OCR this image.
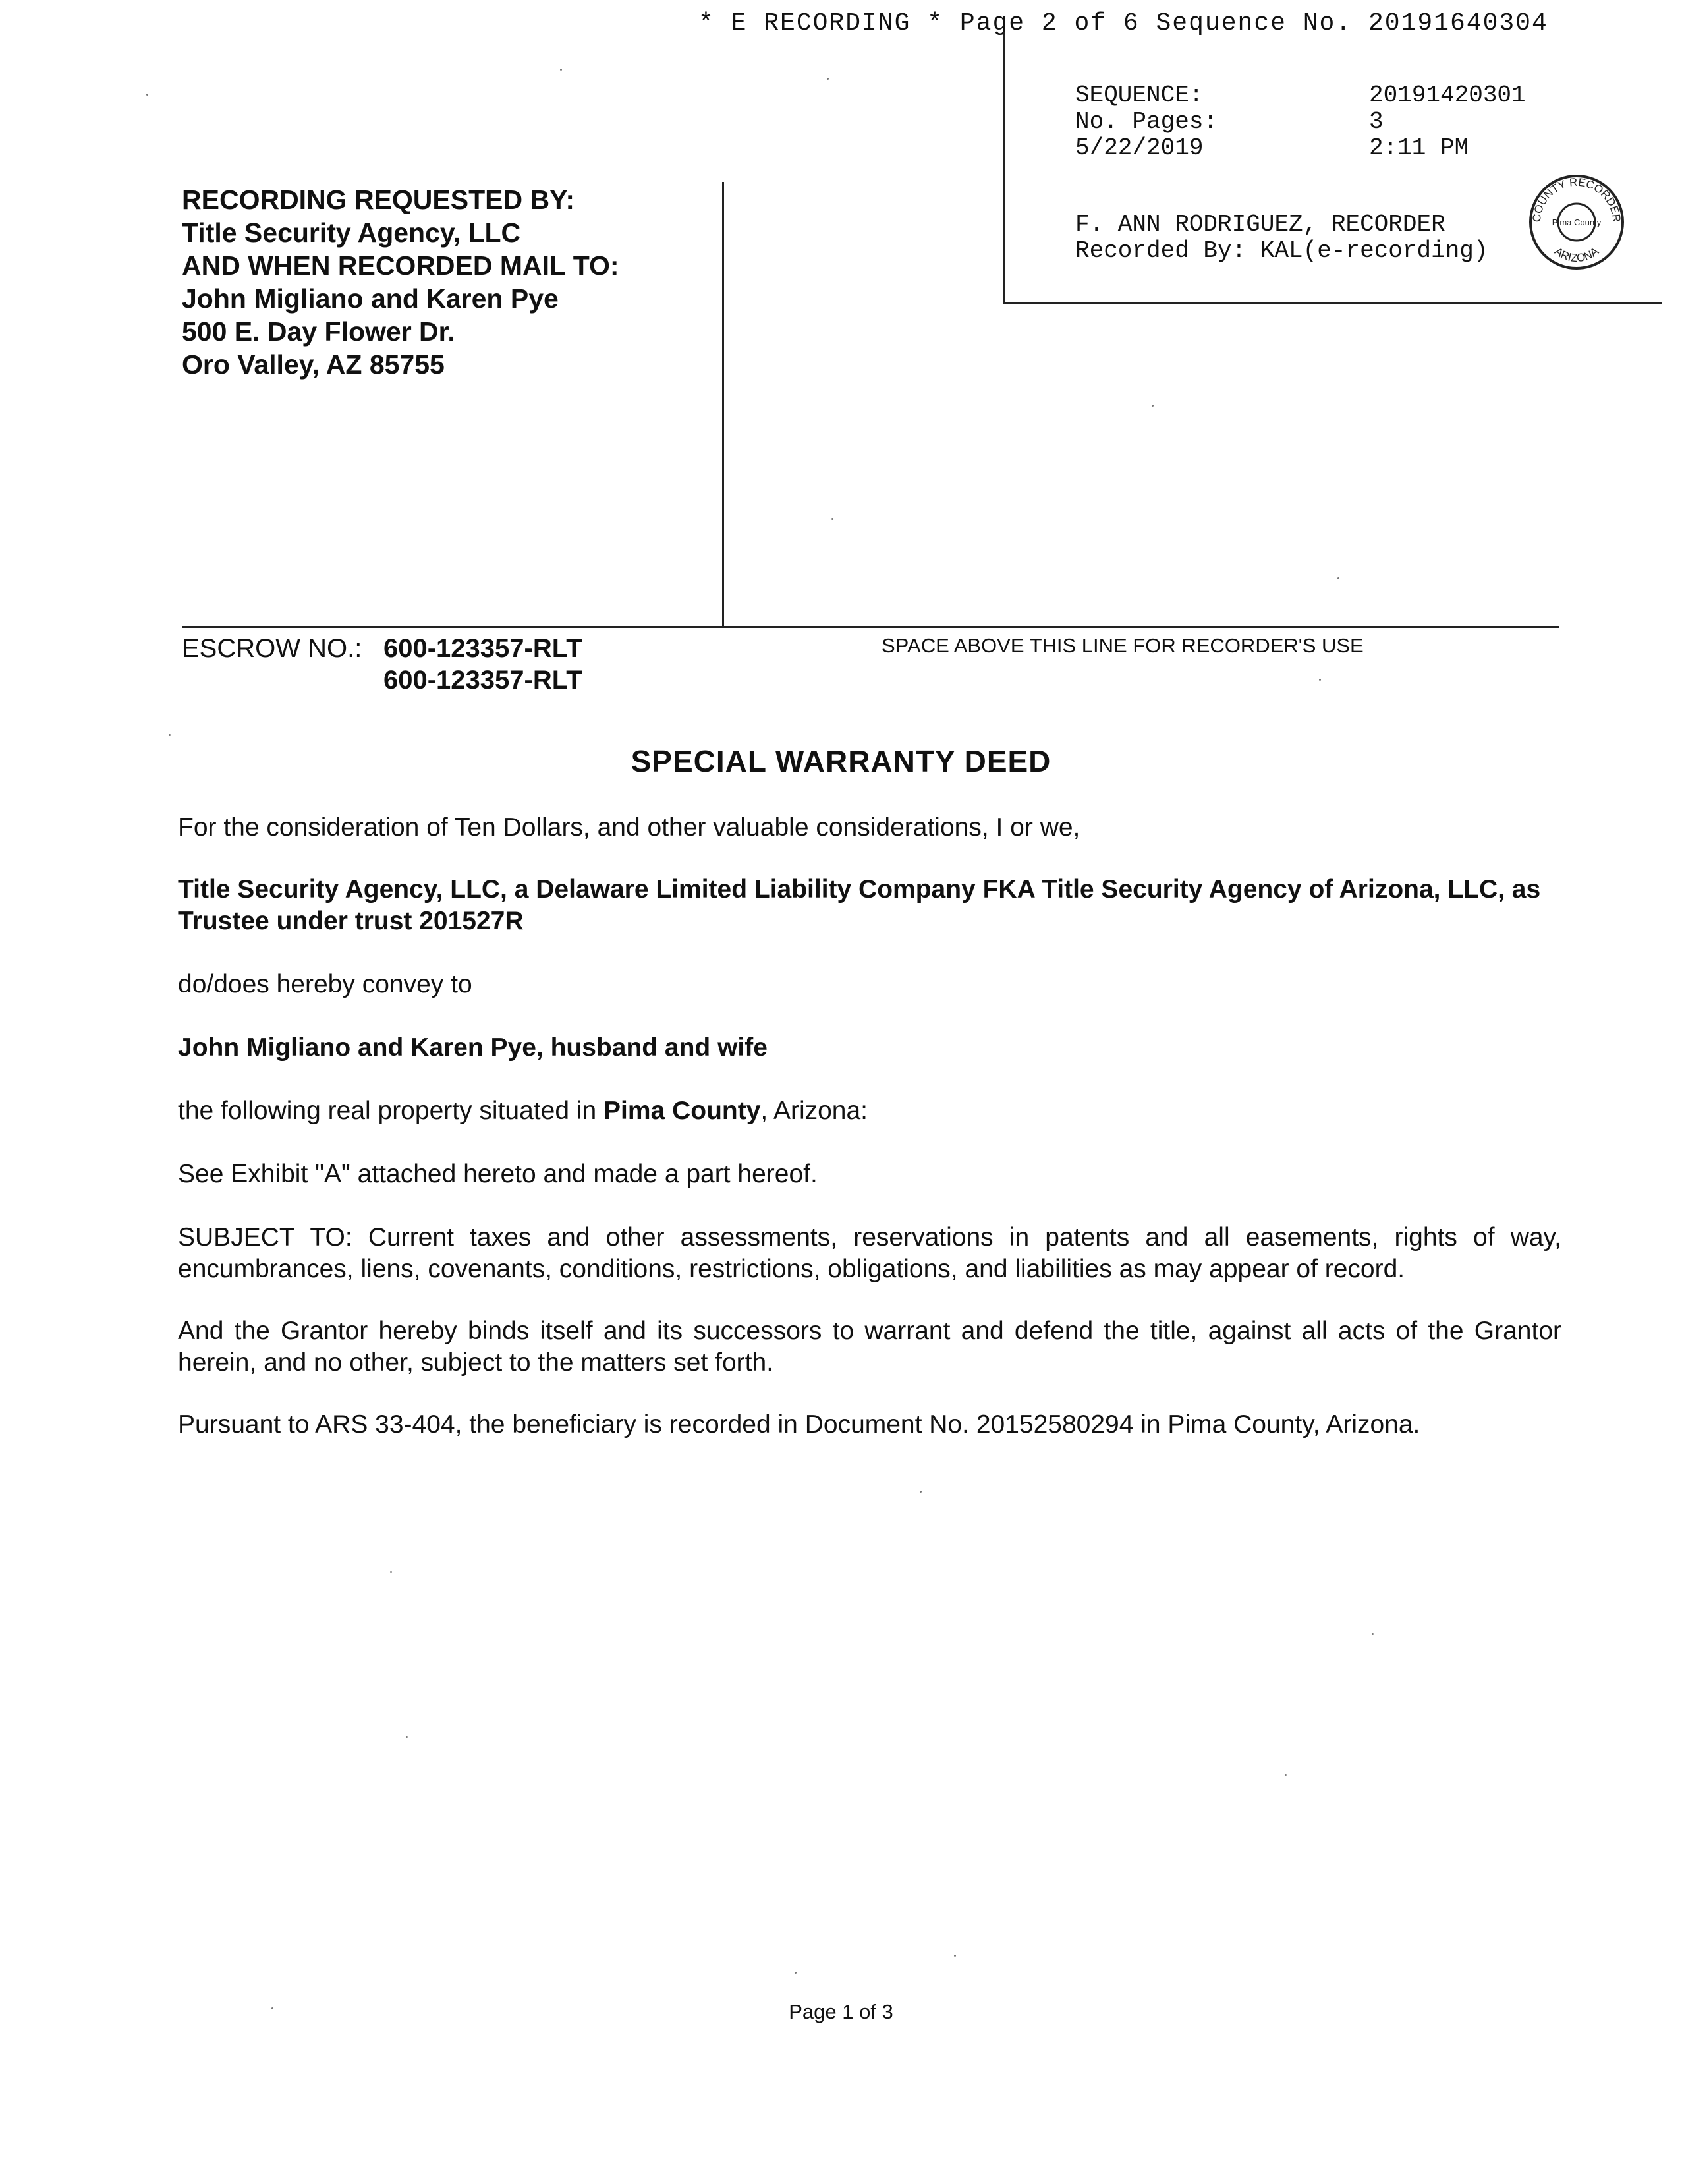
* E RECORDING * Page 2 of 6 Sequence No. 20191640304
SEQUENCE:	20191420301
No. Pages:	3
5/22/2019	2:11 PM
F. ANN RODRIGUEZ, RECORDER
Recorded By: KAL(e-recording)
COUNTY RECORDER
ARIZONA
Pima County
RECORDING REQUESTED BY:
Title Security Agency, LLC
AND WHEN RECORDED MAIL TO:
John Migliano and Karen Pye
500 E. Day Flower Dr.
Oro Valley, AZ 85755
ESCROW NO.: 600-123357-RLT
600-123357-RLT
SPACE ABOVE THIS LINE FOR RECORDER'S USE
SPECIAL WARRANTY DEED
For the consideration of Ten Dollars, and other valuable considerations, I or we,
Title Security Agency, LLC, a Delaware Limited Liability Company FKA Title Security Agency of Arizona, LLC, as Trustee under trust 201527R
do/does hereby convey to
John Migliano and Karen Pye, husband and wife
the following real property situated in Pima County, Arizona:
See Exhibit "A" attached hereto and made a part hereof.
SUBJECT TO: Current taxes and other assessments, reservations in patents and all easements, rights of way, encumbrances, liens, covenants, conditions, restrictions, obligations, and liabilities as may appear of record.
And the Grantor hereby binds itself and its successors to warrant and defend the title, against all acts of the Grantor herein, and no other, subject to the matters set forth.
Pursuant to ARS 33-404, the beneficiary is recorded in Document No. 20152580294 in Pima County, Arizona.
Page 1 of 3
